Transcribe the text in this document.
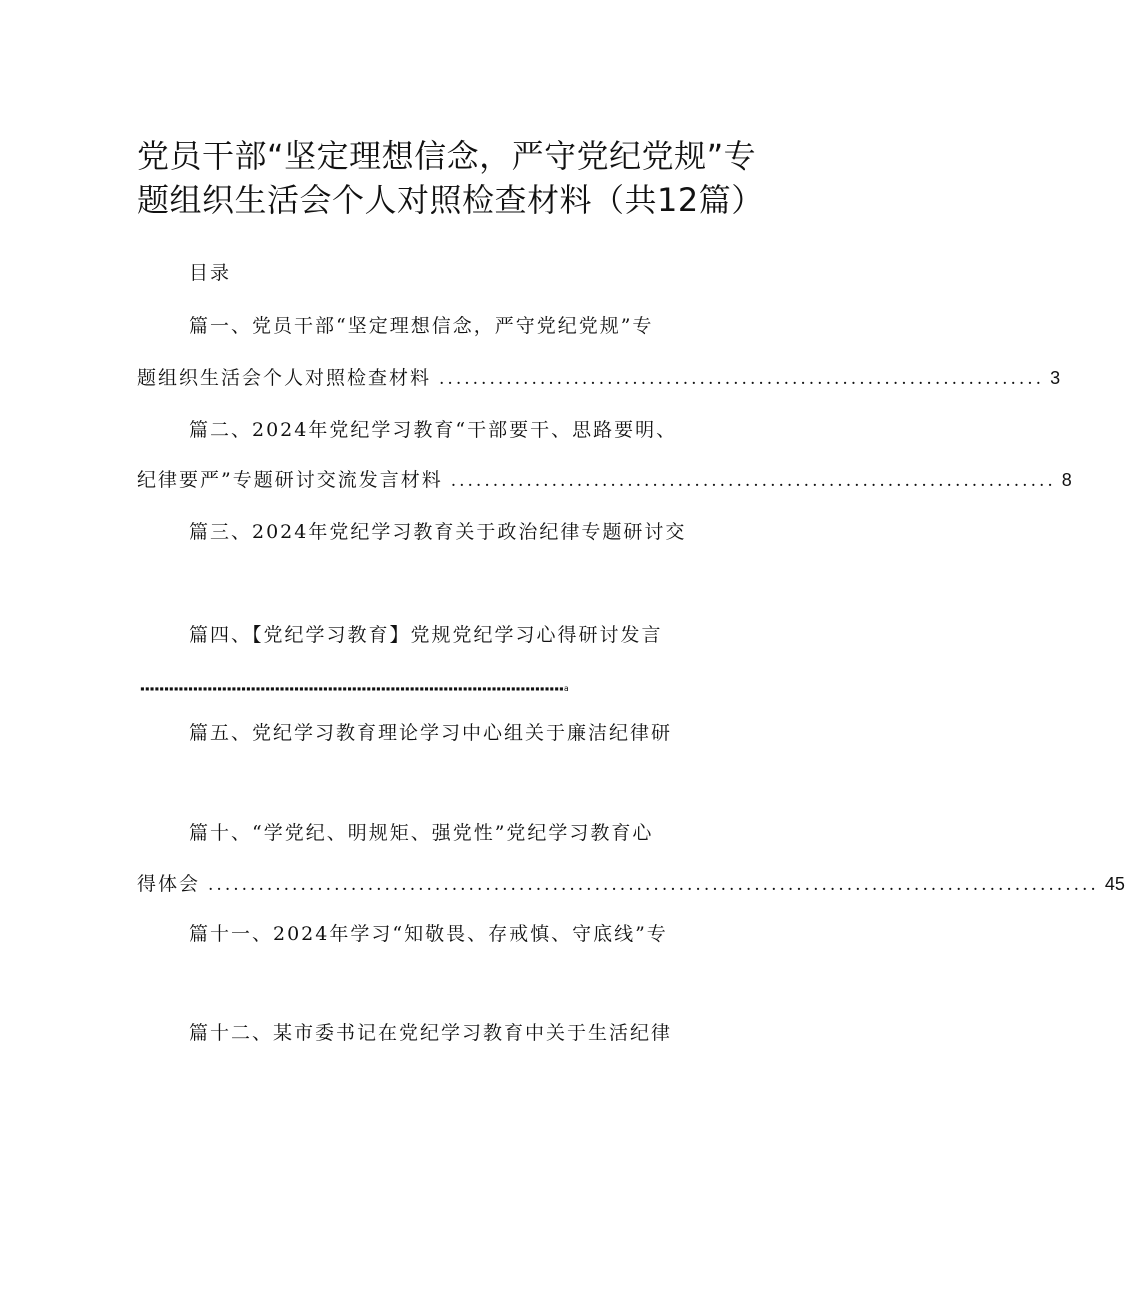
党员干部“坚定理想信念，严守党纪党规”专
题组织生活会个人对照检查材料（共12篇）
目录
篇一、党员干部“坚定理想信念，严守党纪党规”专
题组织生活会个人对照检查材料 ........................................................................ 3
篇二、2024年党纪学习教育“干部要干、思路要明、
纪律要严”专题研讨交流发言材料 ........................................................................ 8
篇三、2024年党纪学习教育关于政治纪律专题研讨交
篇四、【党纪学习教育】党规党纪学习心得研讨发言
▪▪▪▪▪▪▪▪▪▪▪▪▪▪▪▪▪▪▪▪▪▪▪▪▪▪▪▪▪▪▪▪▪▪▪▪▪▪▪▪▪▪▪▪▪▪▪▪▪▪▪▪▪▪▪▪▪▪▪▪▪▪▪▪▪▪▪▪▪▪▪▪▪▪▪▪▪▪▪▪▪▪▪▪▪▪▪▪a
篇五、党纪学习教育理论学习中心组关于廉洁纪律研
篇十、“学党纪、明规矩、强党性”党纪学习教育心
得体会 .......................................................................................................... 45
篇十一、2024年学习“知敬畏、存戒慎、守底线”专
篇十二、某市委书记在党纪学习教育中关于生活纪律
